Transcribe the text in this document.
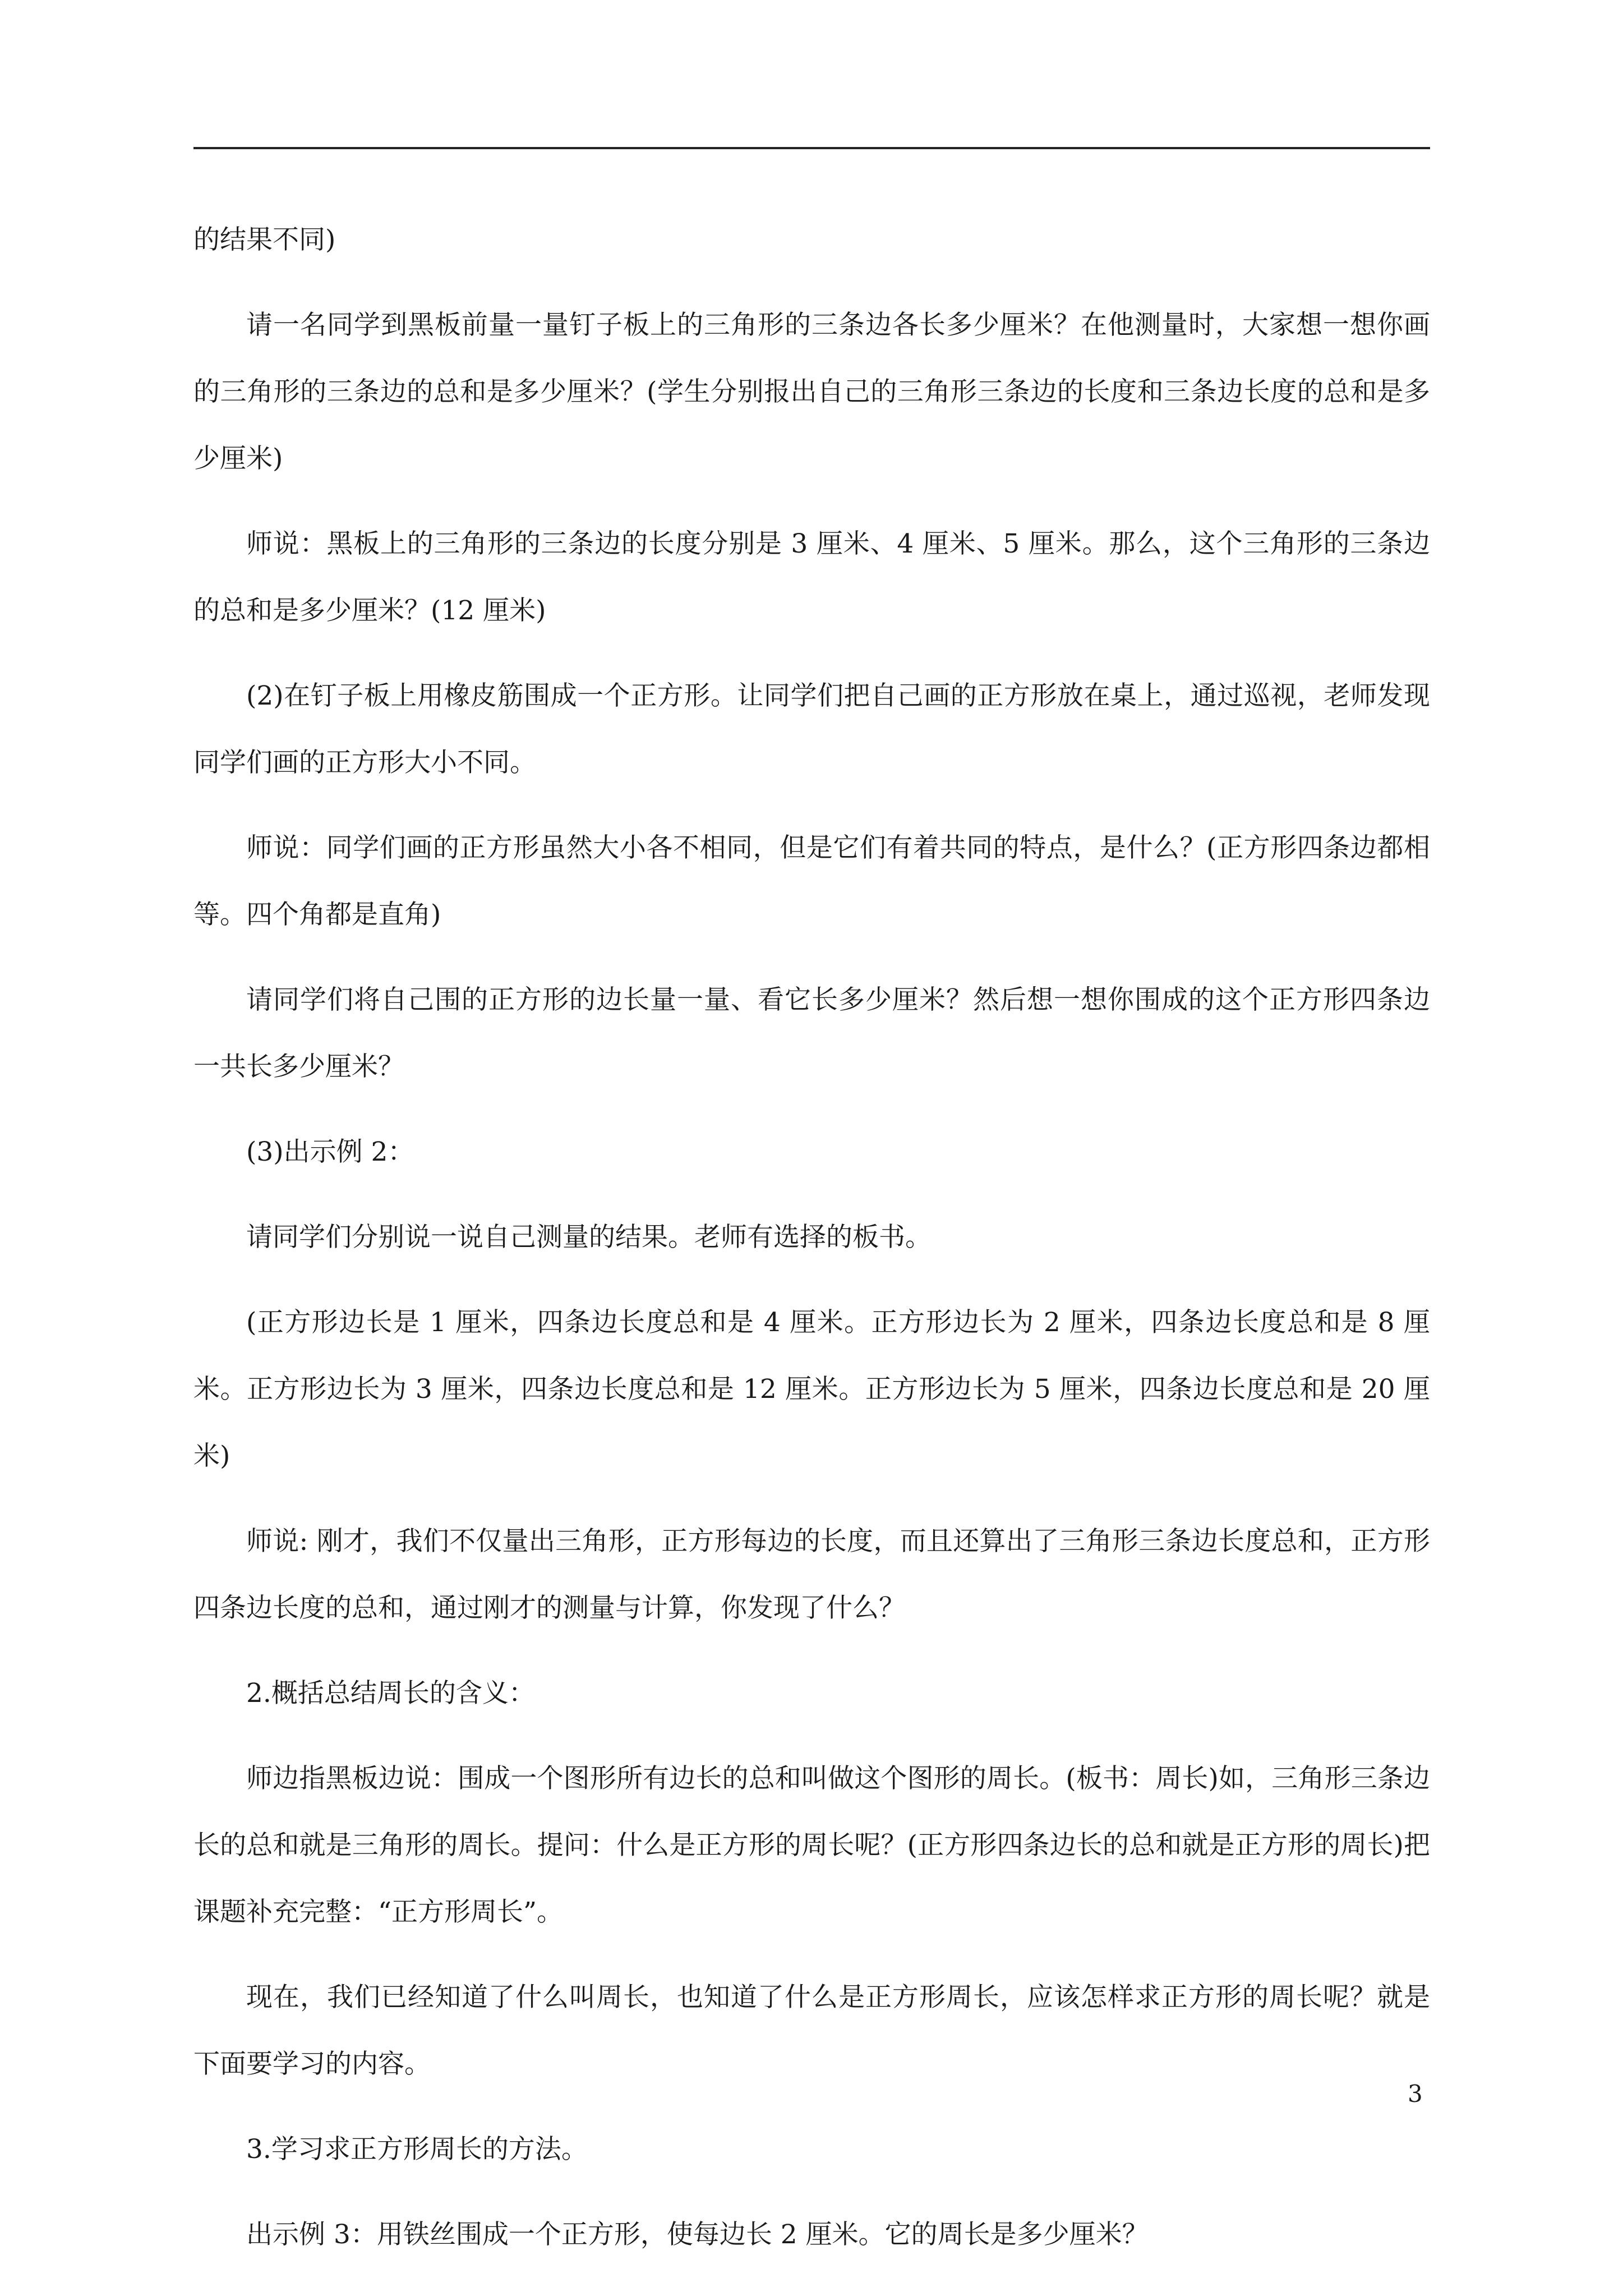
的结果不同)

请一名同学到黑板前量一量钉子板上的三角形的三条边各长多少厘米？在他测量时，大家想一想你画的三角形的三条边的总和是多少厘米？(学生分别报出自己的三角形三条边的长度和三条边长度的总和是多少厘米)

师说：黑板上的三角形的三条边的长度分别是 3 厘米、4 厘米、5 厘米。那么，这个三角形的三条边的总和是多少厘米？(12 厘米)

(2)在钉子板上用橡皮筋围成一个正方形。让同学们把自己画的正方形放在桌上，通过巡视，老师发现同学们画的正方形大小不同。

师说：同学们画的正方形虽然大小各不相同，但是它们有着共同的特点，是什么？(正方形四条边都相等。四个角都是直角)

请同学们将自己围的正方形的边长量一量、看它长多少厘米？然后想一想你围成的这个正方形四条边一共长多少厘米？

(3)出示例 2：

请同学们分别说一说自己测量的结果。老师有选择的板书。

(正方形边长是 1 厘米，四条边长度总和是 4 厘米。正方形边长为 2 厘米，四条边长度总和是 8 厘米。正方形边长为 3 厘米，四条边长度总和是 12 厘米。正方形边长为 5 厘米，四条边长度总和是 20 厘米)

师说: 刚才，我们不仅量出三角形，正方形每边的长度，而且还算出了三角形三条边长度总和，正方形四条边长度的总和，通过刚才的测量与计算，你发现了什么？

2.概括总结周长的含义：

师边指黑板边说：围成一个图形所有边长的总和叫做这个图形的周长。(板书：周长)如，三角形三条边长的总和就是三角形的周长。提问：什么是正方形的周长呢？(正方形四条边长的总和就是正方形的周长)把课题补充完整：“正方形周长”。

现在，我们已经知道了什么叫周长，也知道了什么是正方形周长，应该怎样求正方形的周长呢？就是下面要学习的内容。

3.学习求正方形周长的方法。

出示例 3：用铁丝围成一个正方形，使每边长 2 厘米。它的周长是多少厘米？

3
